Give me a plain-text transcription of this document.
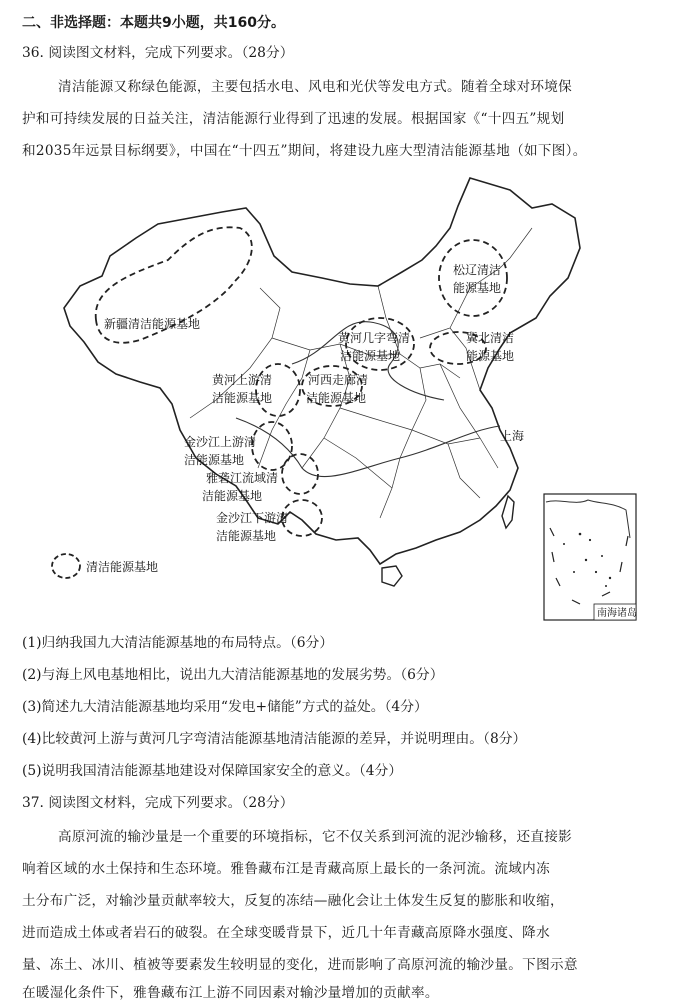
二、非选择题：本题共9小题，共160分。
36. 阅读图文材料，完成下列要求。（28分）
清洁能源又称绿色能源，主要包括水电、风电和光伏等发电方式。随着全球对环境保
护和可持续发展的日益关注，清洁能源行业得到了迅速的发展。根据国家《“十四五”规划
和2035年远景目标纲要》，中国在“十四五”期间，将建设九座大型清洁能源基地（如下图）。
新疆清洁能源基地
松辽清洁
能源基地
冀北清洁
能源基地
黄河几字弯清
洁能源基地
河西走廊清
洁能源基地
黄河上游清
洁能源基地
金沙江上游清
洁能源基地
雅砻江流域清
洁能源基地
金沙江下游清
洁能源基地
上海
清洁能源基地
南海诸岛
(1)归纳我国九大清洁能源基地的布局特点。（6分）
(2)与海上风电基地相比，说出九大清洁能源基地的发展劣势。（6分）
(3)简述九大清洁能源基地均采用“发电+储能”方式的益处。（4分）
(4)比较黄河上游与黄河几字弯清洁能源基地清洁能源的差异，并说明理由。（8分）
(5)说明我国清洁能源基地建设对保障国家安全的意义。（4分）
37. 阅读图文材料，完成下列要求。（28分）
高原河流的输沙量是一个重要的环境指标，它不仅关系到河流的泥沙输移，还直接影
响着区域的水土保持和生态环境。雅鲁藏布江是青藏高原上最长的一条河流。流域内冻
土分布广泛，对输沙量贡献率较大，反复的冻结—融化会让土体发生反复的膨胀和收缩，
进而造成土体或者岩石的破裂。在全球变暖背景下，近几十年青藏高原降水强度、降水
量、冻土、冰川、植被等要素发生较明显的变化，进而影响了高原河流的输沙量。下图示意
在暖湿化条件下，雅鲁藏布江上游不同因素对输沙量增加的贡献率。
